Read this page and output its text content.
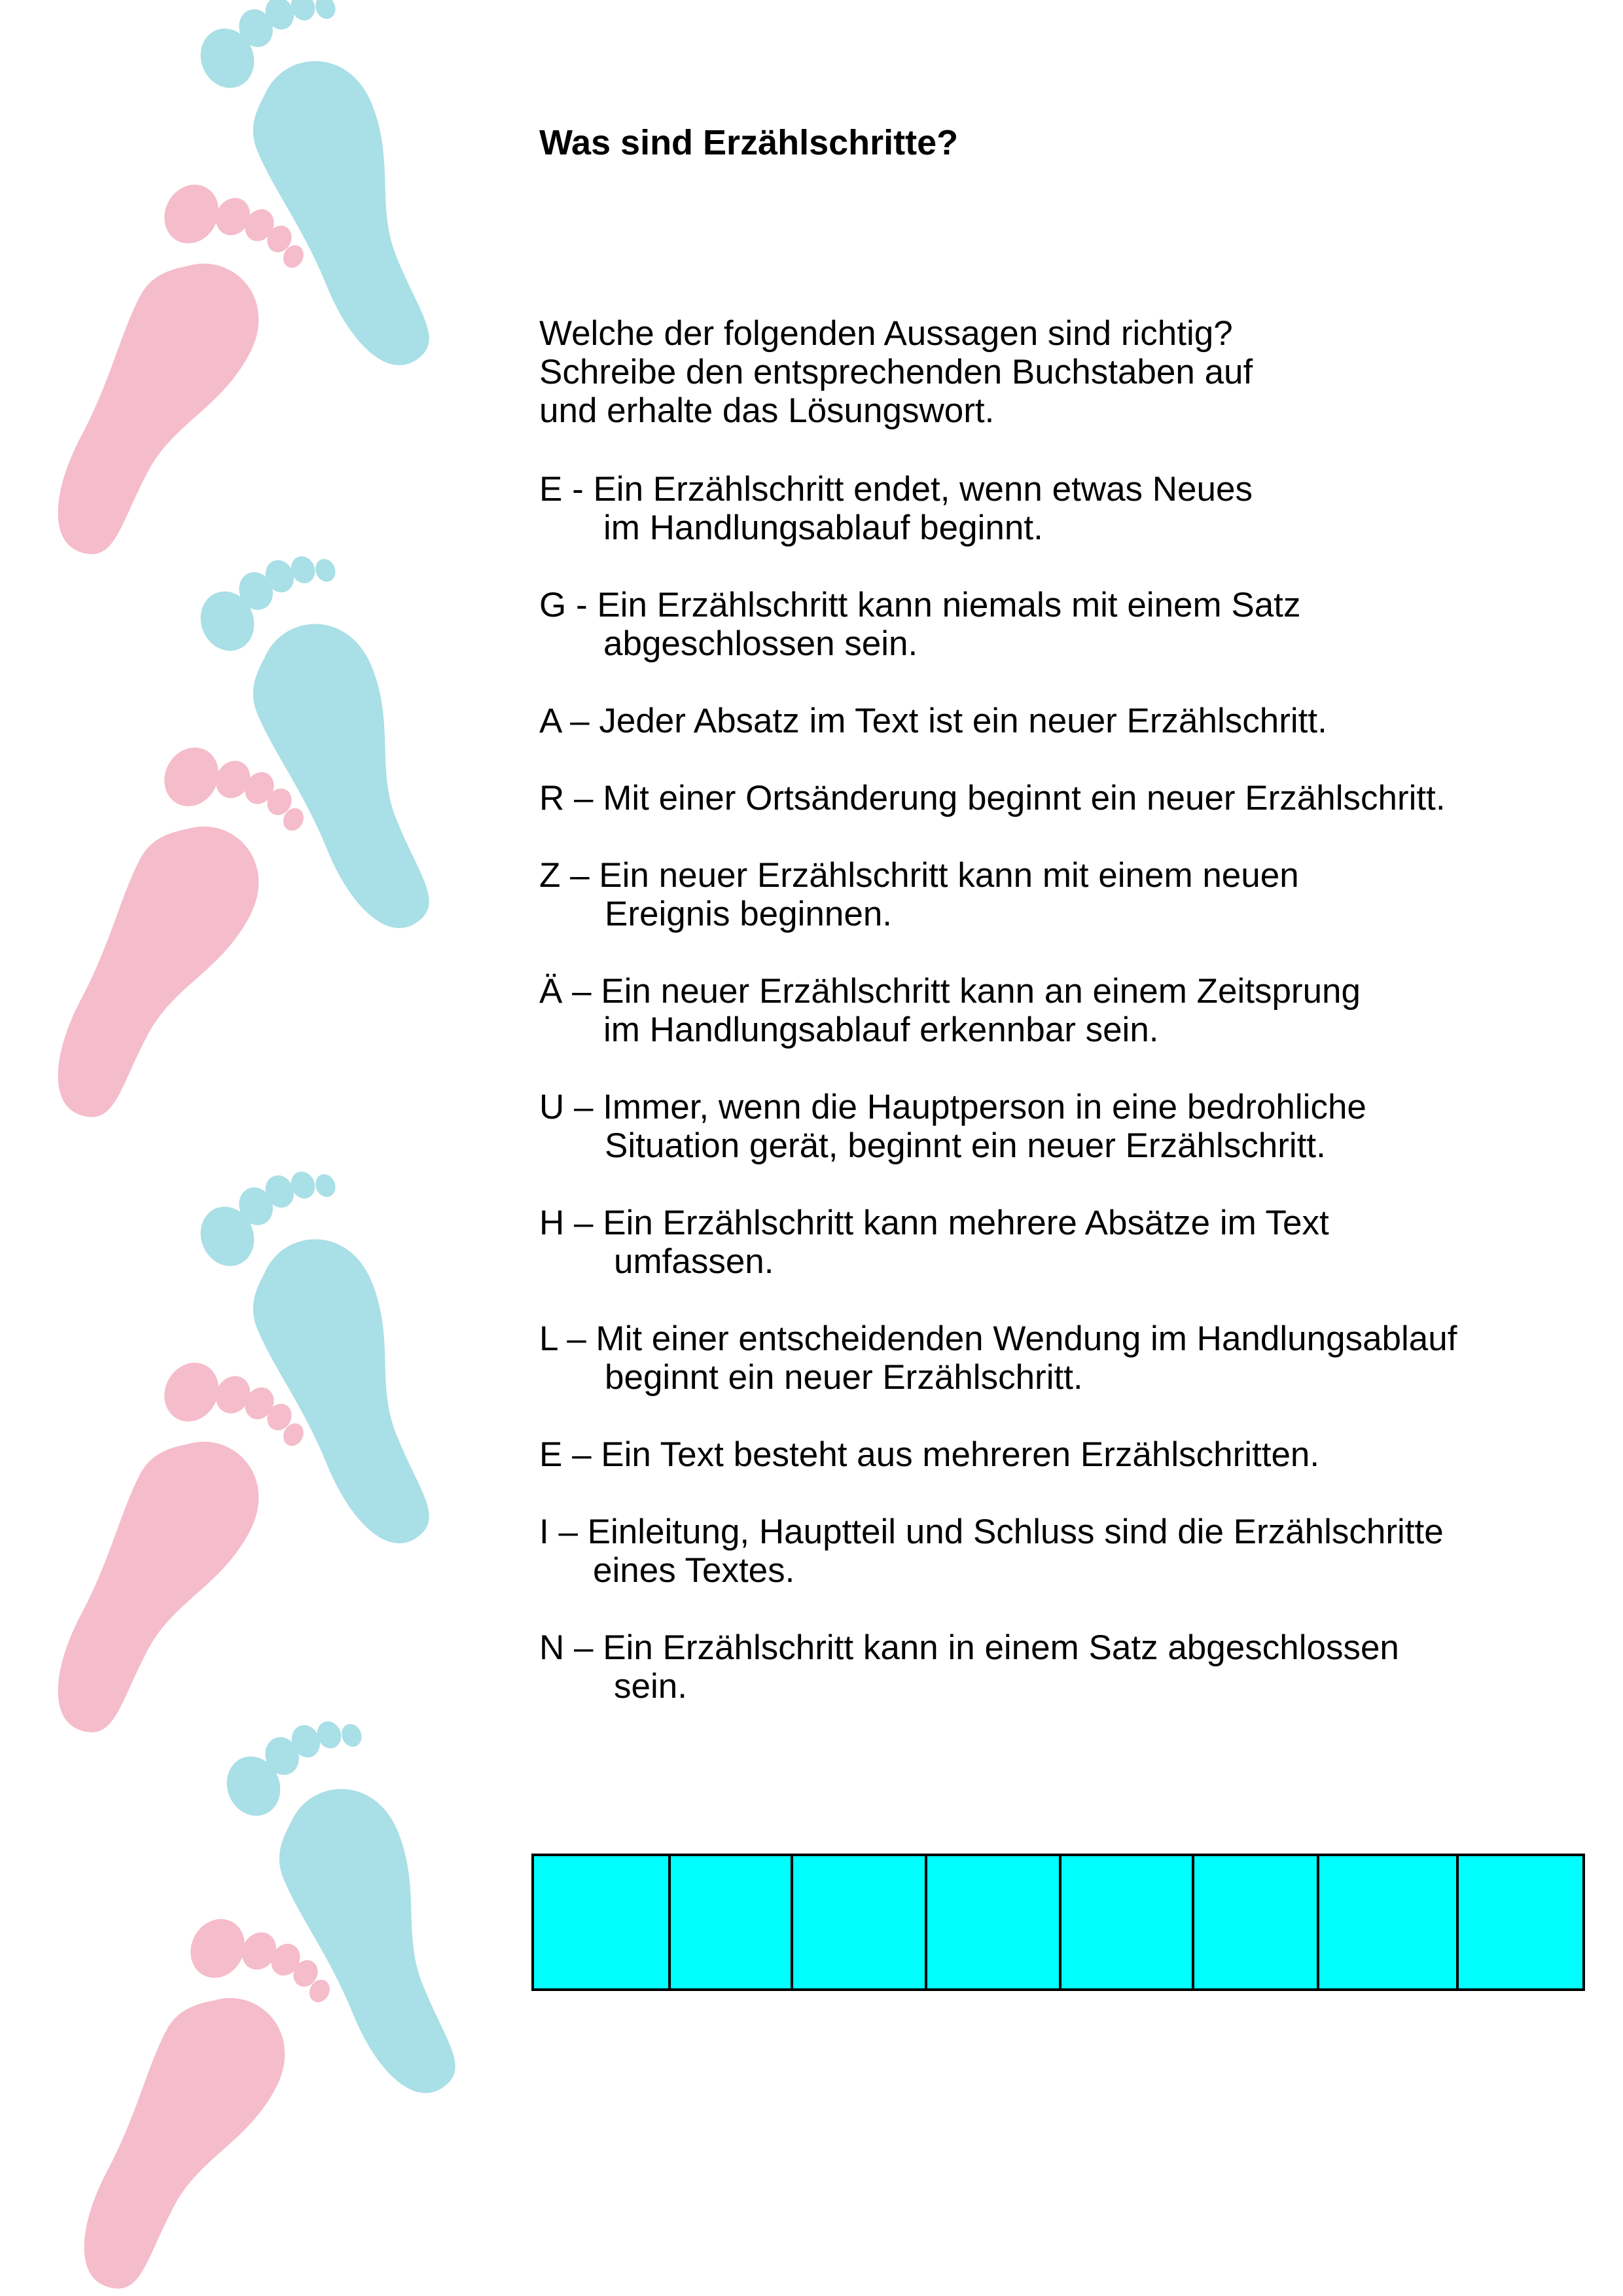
Was sind Erzählschritte?

Welche der folgenden Aussagen sind richtig?
Schreibe den entsprechenden Buchstaben auf
und erhalte das Lösungswort.

E - Ein Erzählschritt endet, wenn etwas Neues
im Handlungsablauf beginnt.

G - Ein Erzählschritt kann niemals mit einem Satz
abgeschlossen sein.

A – Jeder Absatz im Text ist ein neuer Erzählschritt.

R – Mit einer Ortsänderung beginnt ein neuer Erzählschritt.

Z – Ein neuer Erzählschritt kann mit einem neuen
Ereignis beginnen.

Ä – Ein neuer Erzählschritt kann an einem Zeitsprung
im Handlungsablauf erkennbar sein.

U – Immer, wenn die Hauptperson in eine bedrohliche
Situation gerät, beginnt ein neuer Erzählschritt.

H – Ein Erzählschritt kann mehrere Absätze im Text
umfassen.

L – Mit einer entscheidenden Wendung im Handlungsablauf
beginnt ein neuer Erzählschritt.

E – Ein Text besteht aus mehreren Erzählschritten.

I – Einleitung, Hauptteil und Schluss sind die Erzählschritte
eines Textes.

N – Ein Erzählschritt kann in einem Satz abgeschlossen
sein.
